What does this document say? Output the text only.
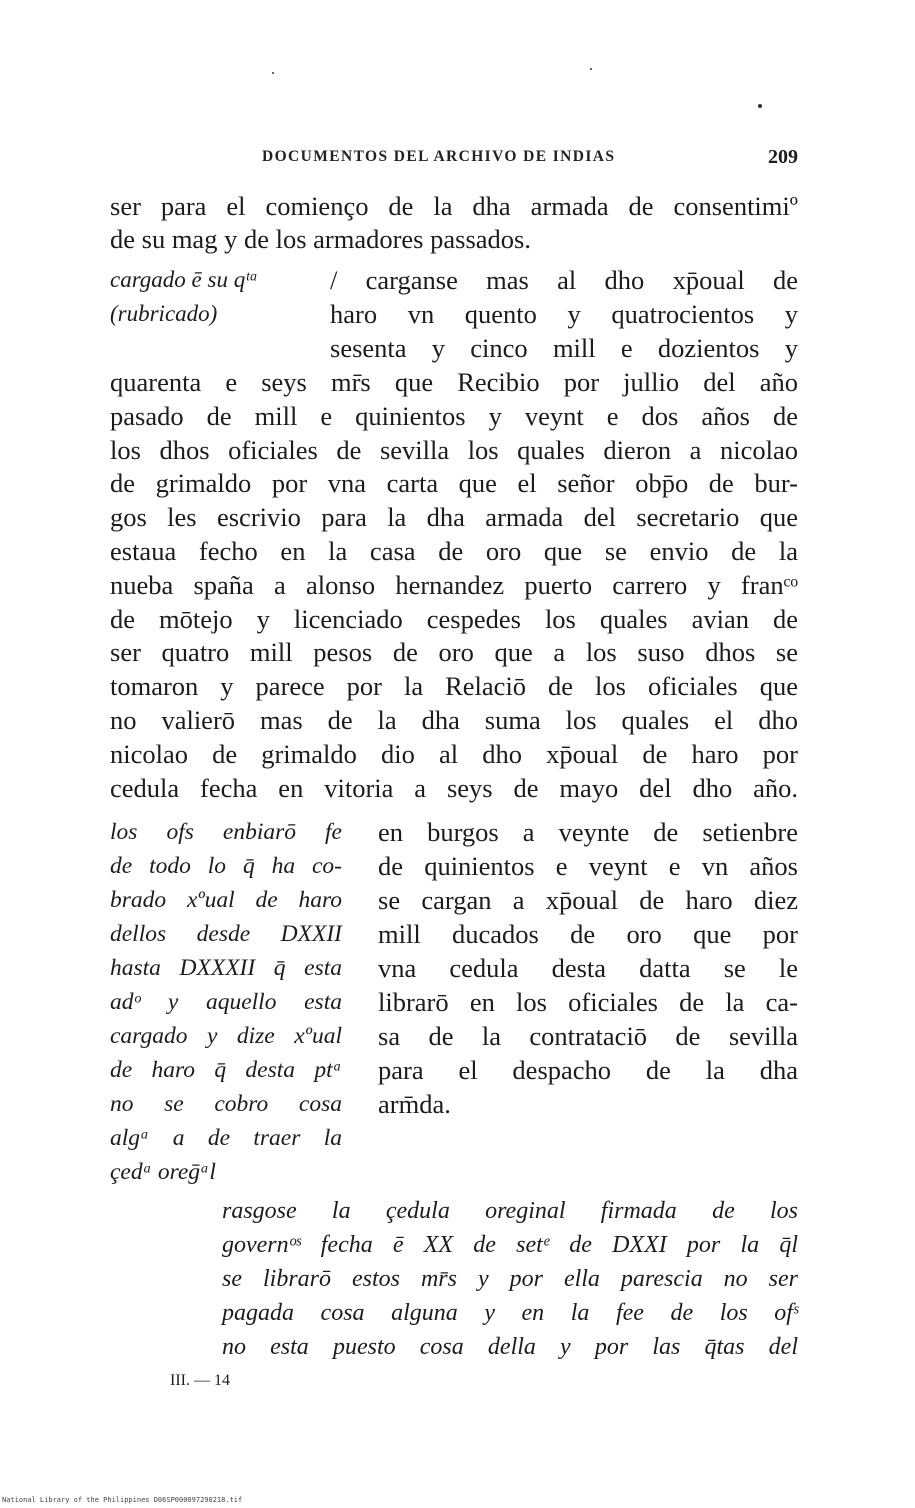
DOCUMENTOS DEL ARCHIVO DE INDIAS	209
ser para el comienço de la dha armada de consentimiº
de su mag y de los armadores passados.
cargado ē su qᵗᵃ
(rubricado)
/ carganse mas al dho xp̄oual de
haro vn quento y quatrocientos y
sesenta y cinco mill e dozientos y
quarenta e seys mr̄s que Recibio por jullio del año
pasado de mill e quinientos y veynt e dos años de
los dhos oficiales de sevilla los quales dieron a nicolao
de grimaldo por vna carta que el señor obp̄o de bur-
gos les escrivio para la dha armada del secretario que
estaua fecho en la casa de oro que se envio de la
nueba spaña a alonso hernandez puerto carrero y franᶜᵒ
de mōtejo y licenciado cespedes los quales avian de
ser quatro mill pesos de oro que a los suso dhos se
tomaron y parece por la Relaciō de los oficiales que
no valierō mas de la dha suma los quales el dho
nicolao de grimaldo dio al dho xp̄oual de haro por
cedula fecha en vitoria a seys de mayo del dho año.
los ofs enbiarō fe
de todo lo q̄ ha co-
brado xºual de haro
dellos desde DXXII
hasta DXXXII q̄ esta
adᵒ y aquello esta
cargado y dize xºual
de haro q̄ desta ptᵃ
no se cobro cosa
algᵃ a de traer la
çedᵃ oreḡᵃl
en burgos a veynte de setienbre
de quinientos e veynt e vn años
se cargan a xp̄oual de haro diez
mill ducados de oro que por
vna cedula desta datta se le
librarō en los oficiales de la ca-
sa de la contrataciō de sevilla
para el despacho de la dha
arm̄da.
rasgose la çedula oreginal firmada de los
governᵒˢ fecha ē XX de setᵉ de DXXI por la q̄l
se librarō estos mr̄s y por ella parescia no ser
pagada cosa alguna y en la fee de los ofˢ
no esta puesto cosa della y por las q̄tas del
III. — 14
National Library of the Philippines D06SP000097290218.tif
